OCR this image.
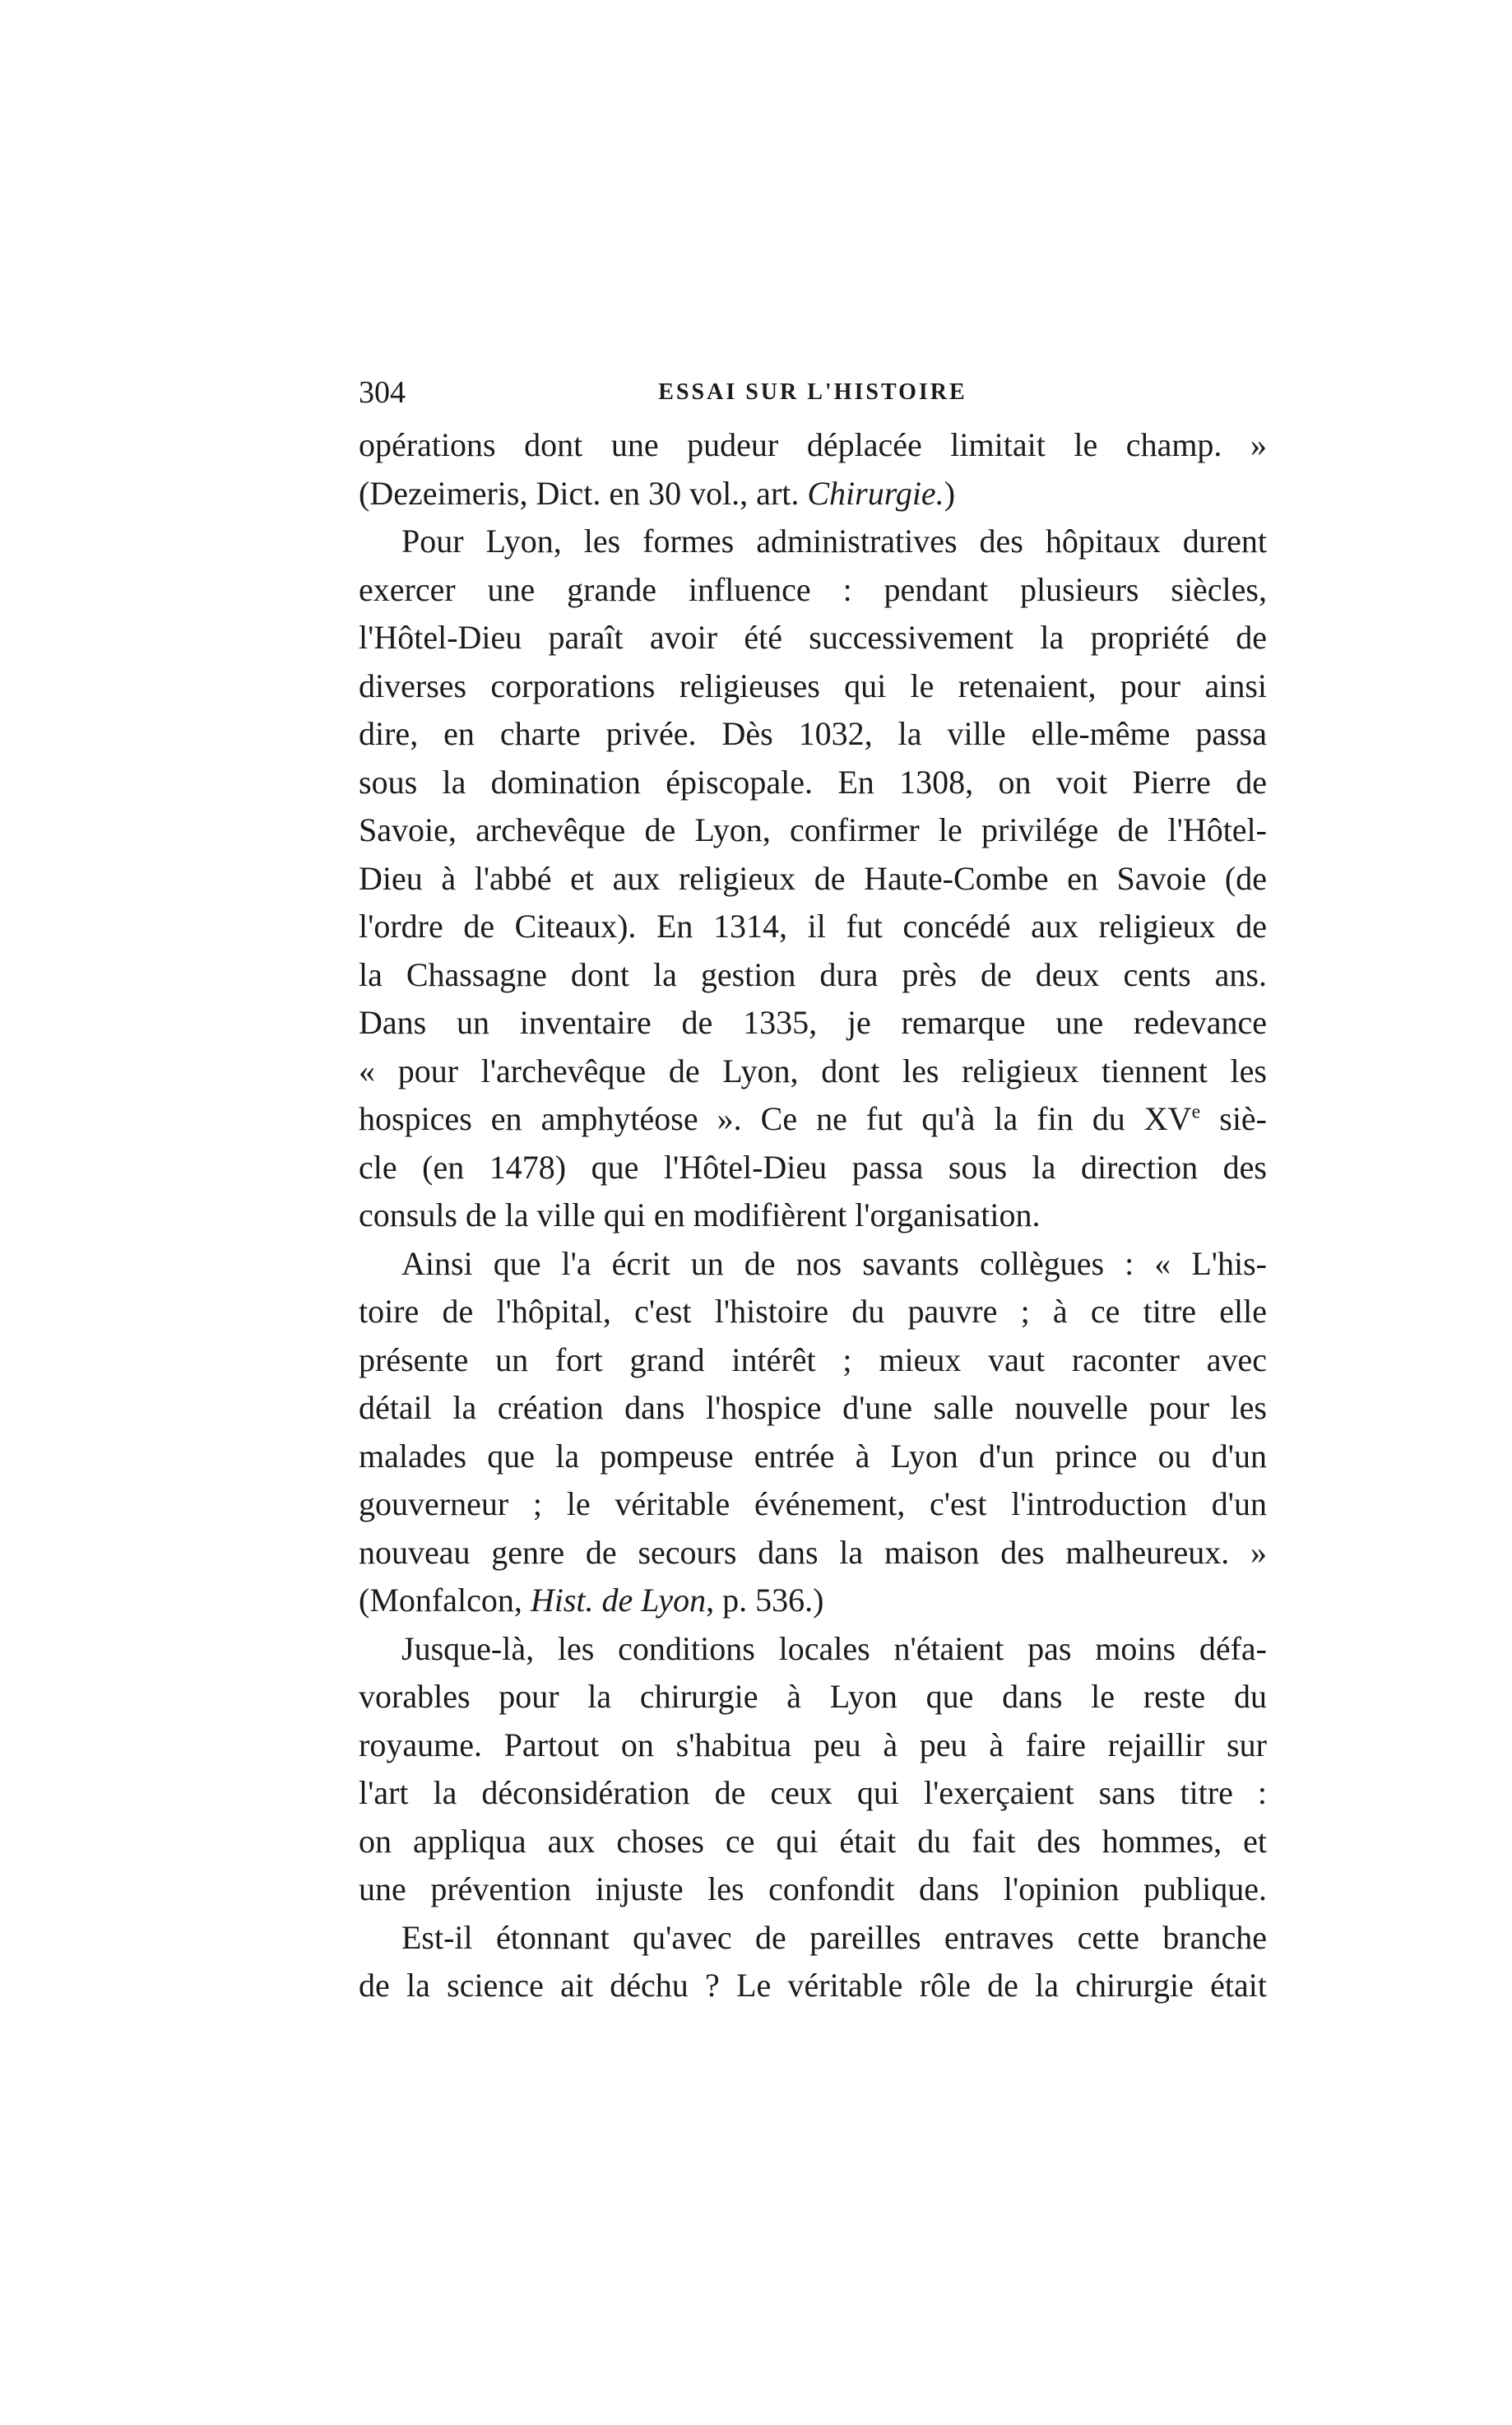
304	ESSAI SUR L'HISTOIRE
opérations dont une pudeur déplacée limitait le champ. »
(Dezeimeris, Dict. en 30 vol., art. Chirurgie.)
Pour Lyon, les formes administratives des hôpitaux durent
exercer une grande influence : pendant plusieurs siècles,
l'Hôtel-Dieu paraît avoir été successivement la propriété de
diverses corporations religieuses qui le retenaient, pour ainsi
dire, en charte privée. Dès 1032, la ville elle-même passa
sous la domination épiscopale. En 1308, on voit Pierre de
Savoie, archevêque de Lyon, confirmer le privilége de l'Hôtel-
Dieu à l'abbé et aux religieux de Haute-Combe en Savoie (de
l'ordre de Citeaux). En 1314, il fut concédé aux religieux de
la Chassagne dont la gestion dura près de deux cents ans.
Dans un inventaire de 1335, je remarque une redevance
« pour l'archevêque de Lyon, dont les religieux tiennent les
hospices en amphytéose ». Ce ne fut qu'à la fin du XVe siè-
cle (en 1478) que l'Hôtel-Dieu passa sous la direction des
consuls de la ville qui en modifièrent l'organisation.
Ainsi que l'a écrit un de nos savants collègues : « L'his-
toire de l'hôpital, c'est l'histoire du pauvre ; à ce titre elle
présente un fort grand intérêt ; mieux vaut raconter avec
détail la création dans l'hospice d'une salle nouvelle pour les
malades que la pompeuse entrée à Lyon d'un prince ou d'un
gouverneur ; le véritable événement, c'est l'introduction d'un
nouveau genre de secours dans la maison des malheureux. »
(Monfalcon, Hist. de Lyon, p. 536.)
Jusque-là, les conditions locales n'étaient pas moins défa-
vorables pour la chirurgie à Lyon que dans le reste du
royaume. Partout on s'habitua peu à peu à faire rejaillir sur
l'art la déconsidération de ceux qui l'exerçaient sans titre :
on appliqua aux choses ce qui était du fait des hommes, et
une prévention injuste les confondit dans l'opinion publique.
Est-il étonnant qu'avec de pareilles entraves cette branche
de la science ait déchu ? Le véritable rôle de la chirurgie était
